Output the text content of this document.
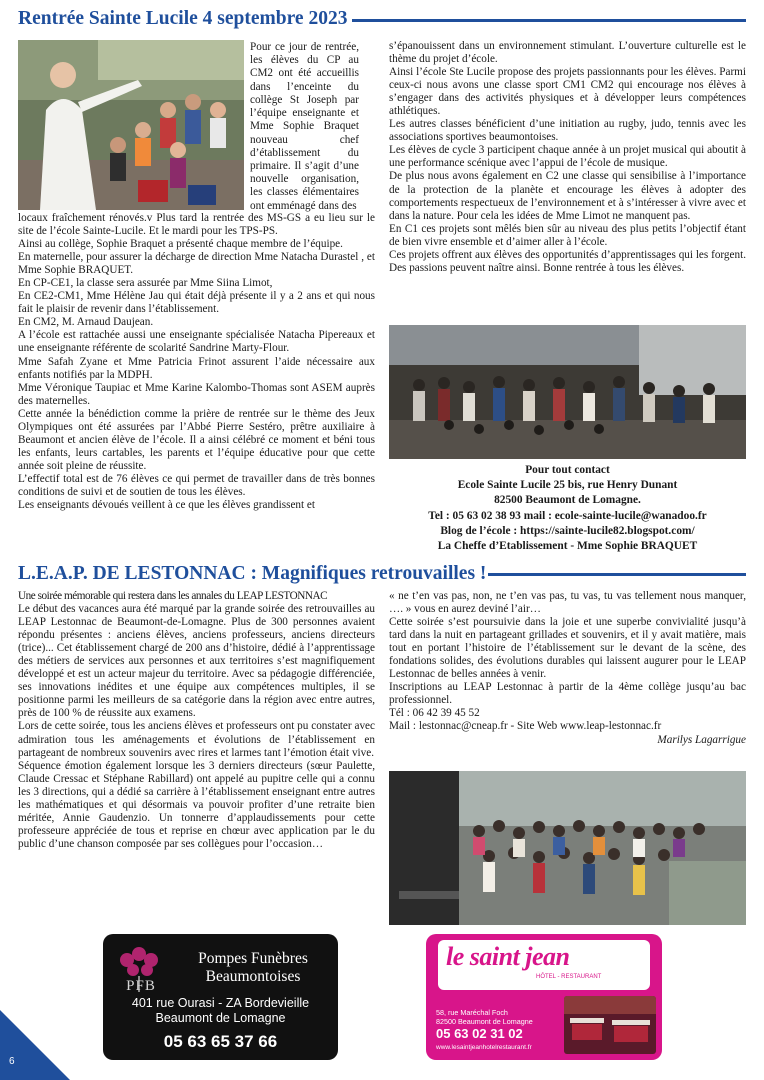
Rentrée Sainte Lucile 4 septembre 2023

Pour ce jour de rentrée, les élèves du CP au CM2 ont été accueillis dans l’enceinte du collège St Joseph par l’équipe enseignante et Mme Sophie Braquet nouveau chef d’établissement du primaire. Il s’agit d’une nouvelle organisation, les classes élémentaires ont emménagé dans des

locaux fraîchement rénovés.v Plus tard la rentrée des MS-GS a eu lieu sur le site de l’école Sainte-Lucile. Et le mardi pour les TPS-PS.

Ainsi au collège, Sophie Braquet a présenté chaque membre de l’équipe.

En maternelle, pour assurer la décharge de direction Mme Natacha Durastel , et Mme Sophie BRAQUET.

En CP-CE1, la classe sera assurée par Mme Siina Limot,

En CE2-CM1, Mme Hélène Jau qui était déjà présente il y a 2 ans et qui nous fait le plaisir de revenir dans l’établissement.

En CM2, M. Arnaud Daujean.

A l’école est rattachée aussi une enseignante spécialisée Natacha Pipereaux et une enseignante référente de scolarité Sandrine Marty-Flour.

Mme Safah Zyane et Mme Patricia Frinot assurent l’aide nécessaire aux enfants notifiés par la MDPH.

Mme Véronique Taupiac et Mme Karine Kalombo-Thomas sont ASEM auprès des maternelles.

Cette année la bénédiction comme la prière de rentrée sur le thème des Jeux Olympiques ont été assurées par l’Abbé Pierre Sestéro, prêtre auxiliaire à Beaumont et ancien élève de l’école. Il a ainsi célébré ce moment et béni tous les enfants, leurs cartables, les parents et l’équipe éducative pour que cette année soit pleine de réussite.

L’effectif total est de 76 élèves ce qui permet de travailler dans de très bonnes conditions de suivi et de soutien de tous les élèves.

Les enseignants dévoués veillent à ce que les élèves grandissent et

s’épanouissent dans un environnement stimulant. L’ouverture culturelle est le thème du projet d’école.

Ainsi l’école Ste Lucile propose des projets passionnants pour les élèves. Parmi ceux-ci nous avons une classe sport CM1 CM2 qui encourage nos élèves à s’engager dans des activités physiques et à développer leurs compétences athlétiques.

Les autres classes bénéficient d’une initiation au rugby, judo, tennis avec les associations sportives beaumontoises.

Les élèves de cycle 3 participent chaque année à un projet musical qui aboutit à une performance scénique avec l’appui de l’école de musique.

De plus nous avons également en C2 une classe qui sensibilise à l’importance de la protection de la planète et encourage les élèves à adopter des comportements respectueux de l’environnement et à s’intéresser à vivre avec et dans la nature. Pour cela les idées de Mme Limot ne manquent pas.

En C1 ces projets sont mêlés bien sûr au niveau des plus petits l’objectif étant de bien vivre ensemble et d’aimer aller à l’école.

Ces projets offrent aux élèves des opportunités d’apprentissages qui les forgent. Des passions peuvent naître ainsi. Bonne rentrée à tous les élèves.

Pour tout contact
Ecole Sainte Lucile 25 bis, rue Henry Dunant
82500 Beaumont de Lomagne.
Tel : 05 63 02 38 93 mail : ecole-sainte-lucile@wanadoo.fr
Blog de l’école : https://sainte-lucile82.blogspot.com/
La Cheffe d’Etablissement - Mme Sophie BRAQUET
L.E.A.P. DE LESTONNAC : Magnifiques retrouvailles !

Une soirée mémorable qui restera dans les annales du LEAP LESTONNAC

Le début des vacances aura été marqué par la grande soirée des retrouvailles au LEAP Lestonnac de Beaumont-de-Lomagne. Plus de 300 personnes avaient répondu présentes : anciens élèves, anciens professeurs, anciens directeurs (trice)... Cet établissement chargé de 200 ans d’histoire, dédié à l’apprentissage des métiers de services aux personnes et aux territoires s’est magnifiquement développé et est un acteur majeur du territoire. Avec sa pédagogie différenciée, ses innovations inédites et une équipe aux compétences multiples, il se positionne parmi les meilleurs de sa catégorie dans la région avec entre autres, près de 100 % de réussite aux examens.

Lors de cette soirée, tous les anciens élèves et professeurs ont pu constater avec admiration tous les aménagements et évolutions de l’établissement en partageant de nombreux souvenirs avec rires et larmes tant l’émotion était vive.

Séquence émotion également lorsque les 3 derniers directeurs (sœur Paulette, Claude Cressac et Stéphane Rabillard) ont appelé au pupitre celle qui a connu les 3 directions, qui a dédié sa carrière à l’établissement enseignant entre autres les mathématiques et qui désormais va pouvoir profiter d’une retraite bien méritée, Annie Gaudenzio. Un tonnerre d’applaudissements pour cette professeure appréciée de tous et reprise en chœur avec application par le du public d’une chanson composée par ses collègues pour l’occasion…

« ne t’en vas pas, non, ne t’en vas pas, tu vas, tu vas tellement nous manquer, …. » vous en aurez deviné l’air…

Cette soirée s’est poursuivie dans la joie et une superbe convivialité jusqu’à tard dans la nuit en partageant grillades et souvenirs, et il y avait matière, mais tout en portant l’histoire de l’établissement sur le devant de la scène, des fondations solides, des évolutions durables qui laissent augurer pour le LEAP Lestonnac de belles années à venir.

Inscriptions au LEAP Lestonnac à partir de la 4ème collège jusqu’au bac professionnel.

Tél : 06 42 39 45 52

Mail : lestonnac@cneap.fr - Site Web www.leap-lestonnac.fr

Marilys Lagarrigue

PFB
Pompes Funèbres
Beaumontoises
401 rue Ourasi - ZA Bordevieille
Beaumont de Lomagne
05 63 65 37 66
le saint jean
HÔTEL - RESTAURANT
58, rue Maréchal Foch
82500 Beaumont de Lomagne
05 63 02 31 02
www.lesaintjeanhotelrestaurant.fr
6
